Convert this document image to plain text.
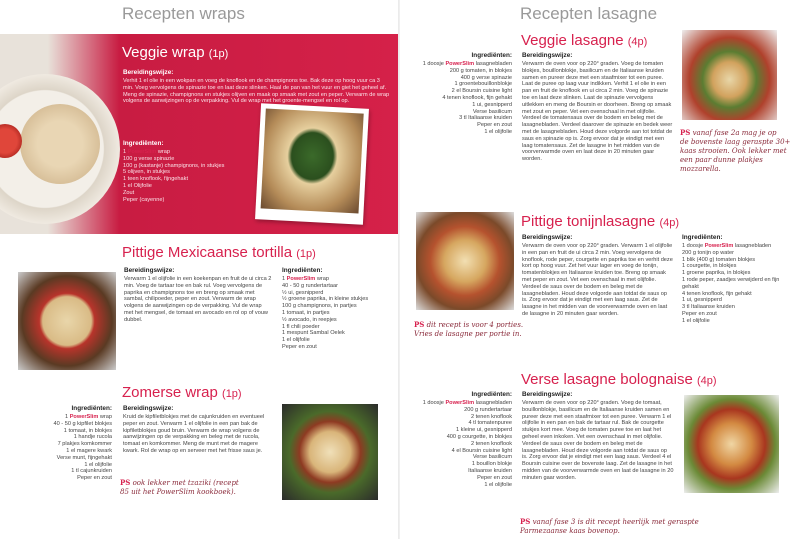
Recepten wraps
Veggie wrap (1p)
Bereidingswijze:
Verhit 1 el olie in een wokpan en voeg de knoflook en de champignons toe. Bak deze op hoog vuur ca 3 min. Voeg vervolgens de spinazie toe en laat deze slinken. Haal de pan van het vuur en giet het geheel af. Meng de spinazie, champignons en stukjes olijven en maak op smaak met zout en peper. Verwarm de wrap volgens de aanwijzingen op de verpakking. Vul de wrap met het groente-mengsel en rol op.
Ingrediënten:
1 PowerSlim wrap
100 g verse spinazie
100 g (kastanje) champignons, in stukjes
5 olijven, in stukjes
1 teen knoflook, fijngehakt
1 el Olijfolie
Zout
Peper (cayenne)
Pittige Mexicaanse tortilla (1p)
Bereidingswijze:
Verwarm 1 el olijfolie in een koekenpan en fruit de ui circa 2 min. Voeg de tartaar toe en bak rul. Voeg vervolgens de paprika en champignons toe en breng op smaak met sambal, chilipoeder, peper en zout. Verwarm de wrap volgens de aanwijzingen op de verpakking. Vul de wrap met het mengsel, de tomaat en avocado en rol op of vouw dubbel.
Ingrediënten:
1 PowerSlim wrap
40 - 50 g rundertartaar
½ ui, gesnipperd
½ groene paprika, in kleine stukjes
100 g champignons, in partjes
1 tomaat, in partjes
½ avocado, in reepjes
1 fl chili poeder
1 mespunt Sambal Oelek
1 el olijfolie
Peper en zout
Zomerse wrap (1p)
Ingrediënten:
1 PowerSlim wrap
40 - 50 g kipfilet blokjes
1 tomaat, in blokjes
1 handje rucola
7 plakjes komkommer
1 el magere kwark
Verse munt, fijngehakt
1 el olijfolie
1 tl cajunkruiden
Peper en zout
Bereidingswijze:
Kruid de kipfiletblokjes met de cajunkruiden en eventueel peper en zout. Verwarm 1 el olijfolie in een pan bak de kipfiletblokjes goud bruin. Verwarm de wrap volgens de aanwijzingen op de verpakking en beleg met de rucola, tomaat en komkommer. Meng de munt met de magere kwark. Rol de wrap op en serveer met het frisse saus je.
PS ook lekker met tzaziki (recept
85 uit het PowerSlim kookboek).
Recepten lasagne
Veggie lasagne (4p)
Ingrediënten:
1 doosje PowerSlim lasagnebladen
200 g tomaten, in blokjes
400 g verse spinazie
1 groentebouillonblokje
2 el Boursin cuisine light
4 tenen knoflook, fijn gehakt
1 ui, gesnipperd
Verse basilicum
3 tl Italiaanse kruiden
Peper en zout
1 el olijfolie
Bereidingswijze:
Verwarm de oven voor op 220° graden. Voeg de tomaten blokjes, bouillonblokje, basilicum en de Italiaanse kruiden samen en pureer deze met een staafmixer tot een puree. Laat de puree op laag vuur indikken. Verhit 1 el olie in een pan en fruit de knoflook en ui circa 2 min. Voeg de spinazie toe en laat deze slinken. Laat de spinazie vervolgens uitlekken en meng de Boursin er doorheen. Breng op smaak met zout en peper. Vet een ovenschaal in met olijfolie. Verdeel de tomatensaus over de bodem en beleg met de lasagnebladen. Verdeel daarover de spinazie en bedek weer met de lasagnebladen. Houd deze volgorde aan tot totdat de saus en spinazie op is. Zorg ervoor dat je eindigt met een laag tomatensaus. Zet de lasagne in het midden van de voorverwarmde oven en laat deze in 20 minuten gaar worden.
PS vanaf fase 2a mag je op
de bovenste laag geraspte 30+
kaas strooien. Ook lekker met
een paar dunne plakjes
mozzarella.
Pittige tonijnlasagne (4p)
Bereidingswijze:
Verwarm de oven voor op 220° graden. Verwarm 1 el olijfolie in een pan en fruit de ui circa 2 min. Voeg vervolgens de knoflook, rode peper, courgette en paprika toe en verhit deze kort op hoog vuur. Zet het vuur lager en voeg de tonijn, tomatenblokjes en Italiaanse kruiden toe. Breng op smaak met peper en zout. Vet een ovenschaal in met olijfolie. Verdeel de saus over de bodem en beleg met de lasagnebladen. Houd deze volgorde aan totdat de saus op is. Zorg ervoor dat je eindigt met een laag saus. Zet de lasagne in het midden van de voorverwarmde oven en laat de lasagne in 20 minuten gaar worden.
Ingrediënten:
1 doosje PowerSlim lasagnebladen
200 g tonijn op water
1 blik (400 g) tomaten blokjes
1 courgette, in blokjes
1 groene paprika, in blokjes
1 rode peper, zaadjes verwijderd en fijn gehakt
4 tenen knoflook, fijn gehakt
1 ui, gesnipperd
3 tl Italiaanse kruiden
Peper en zout
1 el olijfolie
PS dit recept is voor 4 porties.
Vries de lasagne per portie in.
Verse lasagne bolognaise (4p)
Ingrediënten:
1 doosje PowerSlim lasagnebladen
200 g rundertartaar
2 tenen knoflook
4 tl tomatenpuree
1 kleine ui, gesnipperd
400 g courgette, in blokjes
2 tenen knoflook
4 el Boursin cuisine light
Verse basilicum
1 bouillon blokje
Italiaanse kruiden
Peper en zout
1 el olijfolie
Bereidingswijze:
Verwarm de oven voor op 220° graden. Voeg de tomaat, bouillonblokje, basilicum en de Italiaanse kruiden samen en pureer deze met een staafmixer tot een puree. Verwarm 1 el olijfolie in een pan en bak de tartaar rul. Bak de courgette stukjes kort mee. Voeg de tomaten puree toe en laat het geheel even inkoken. Vet een ovenschaal in met olijfolie. Verdeel de saus over de bodem en beleg met de lasagnebladen. Houd deze volgorde aan totdat de saus op is. Zorg ervoor dat je eindigt met een laag saus. Verdeel 4 el Boursin cuisine over de bovenste laag. Zet de lasagne in het midden van de voorverwarmde oven en laat de lasagne in 20 minuten gaar worden.
PS vanaf fase 3 is dit recept heerlijk met geraspte
Parmezaanse kaas bovenop.
